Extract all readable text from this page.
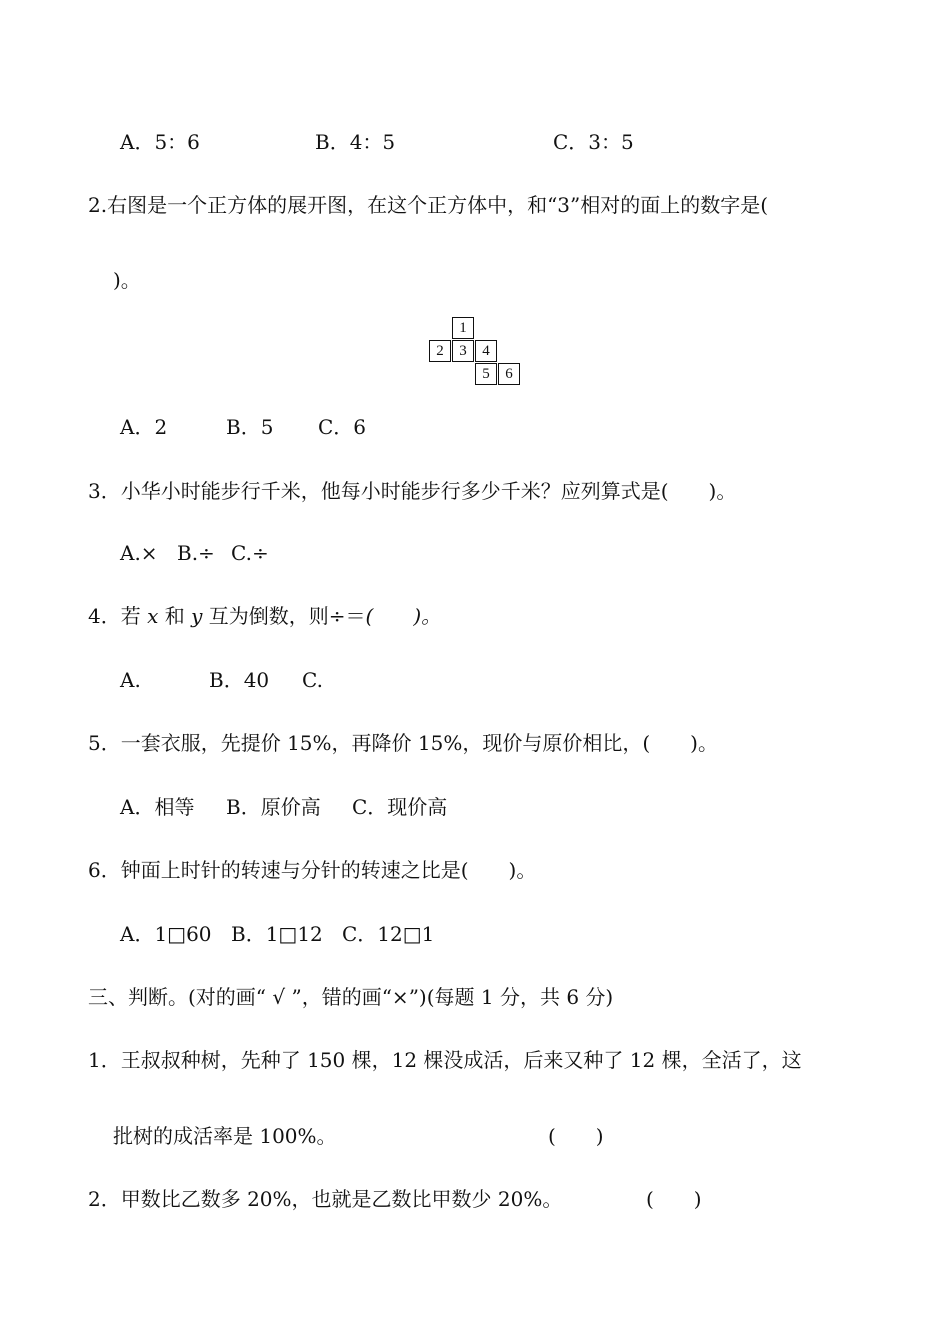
A．5：6	B．4：5	C．3：5
2.右图是一个正方体的展开图，在这个正方体中，和“3”相对的面上的数字是(
)。
1
2	3	4
5	6
A．2	B．5 C．6
3．小华小时能步行千米，他每小时能步行多少千米？应列算式是(　　)。
A.× B.÷ C.÷
4．若 x 和 y 互为倒数，则÷＝(　　)。
A.	B．40 C.
5．一套衣服，先提价 15%，再降价 15%，现价与原价相比，(　　)。
A．相等 B．原价高 C．现价高
6．钟面上时针的转速与分针的转速之比是(　　)。
A．1□60 B．1□12 C．12□1
三、判断。(对的画“ √ ”，错的画“×”)(每题 1 分，共 6 分)
1．王叔叔种树，先种了 150 棵，12 棵没成活，后来又种了 12 棵，全活了，这
批树的成活率是 100%。	(　　)
2．甲数比乙数多 20%，也就是乙数比甲数少 20%。	(　　)
